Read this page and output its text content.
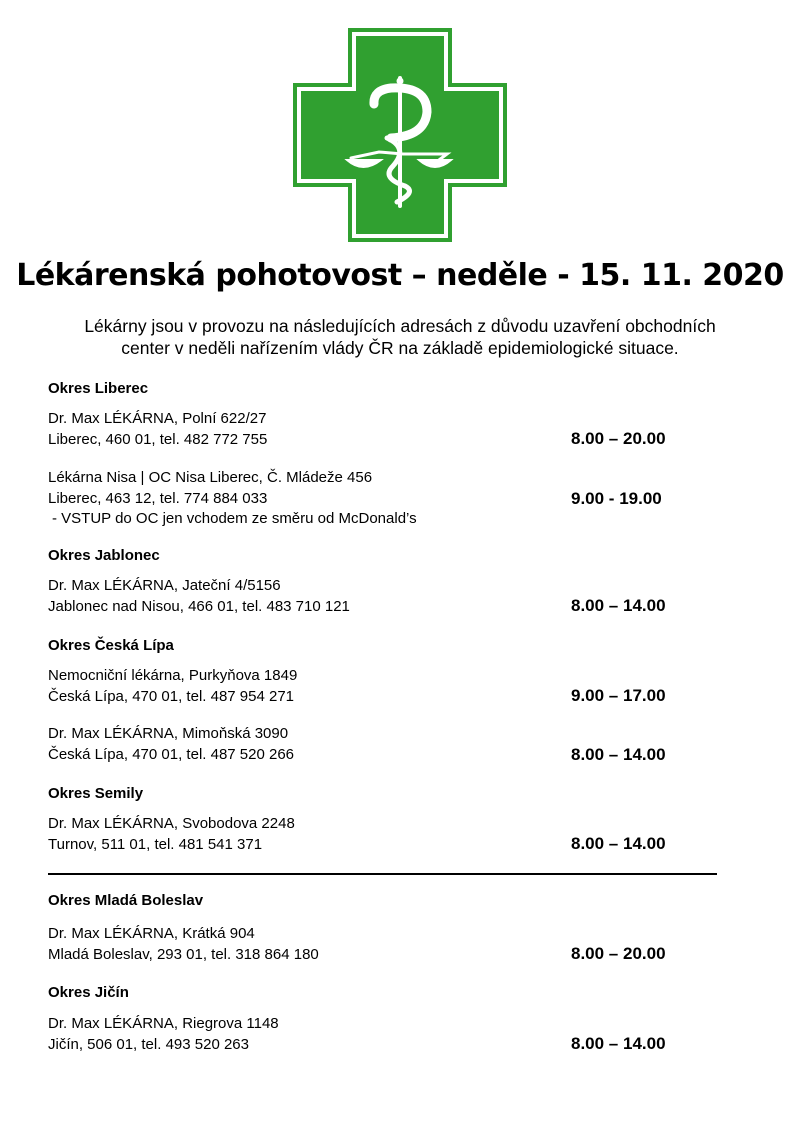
Lékárenská pohotovost – neděle - 15. 11. 2020
Lékárny jsou v provozu na následujících adresách z důvodu uzavření obchodních
center v neděli nařízením vlády ČR na základě epidemiologické situace.
Okres Liberec
Dr. Max LÉKÁRNA, Polní 622/27
Liberec, 460 01, tel. 482 772 755	8.00 – 20.00
Lékárna Nisa | OC Nisa Liberec, Č. Mládeže 456
Liberec, 463 12, tel. 774 884 033	9.00 - 19.00
- VSTUP do OC jen vchodem ze směru od McDonald’s
Okres Jablonec
Dr. Max LÉKÁRNA, Jateční 4/5156
Jablonec nad Nisou, 466 01, tel. 483 710 121	8.00 – 14.00
Okres Česká Lípa
Nemocniční lékárna, Purkyňova 1849
Česká Lípa, 470 01, tel. 487 954 271	9.00 – 17.00
Dr. Max LÉKÁRNA, Mimoňská 3090
Česká Lípa, 470 01, tel. 487 520 266	8.00 – 14.00
Okres Semily
Dr. Max LÉKÁRNA, Svobodova 2248
Turnov, 511 01, tel. 481 541 371	8.00 – 14.00
Okres Mladá Boleslav
Dr. Max LÉKÁRNA, Krátká 904
Mladá Boleslav, 293 01, tel. 318 864 180	8.00 – 20.00
Okres Jičín
Dr. Max LÉKÁRNA, Riegrova 1148
Jičín, 506 01, tel. 493 520 263	8.00 – 14.00
